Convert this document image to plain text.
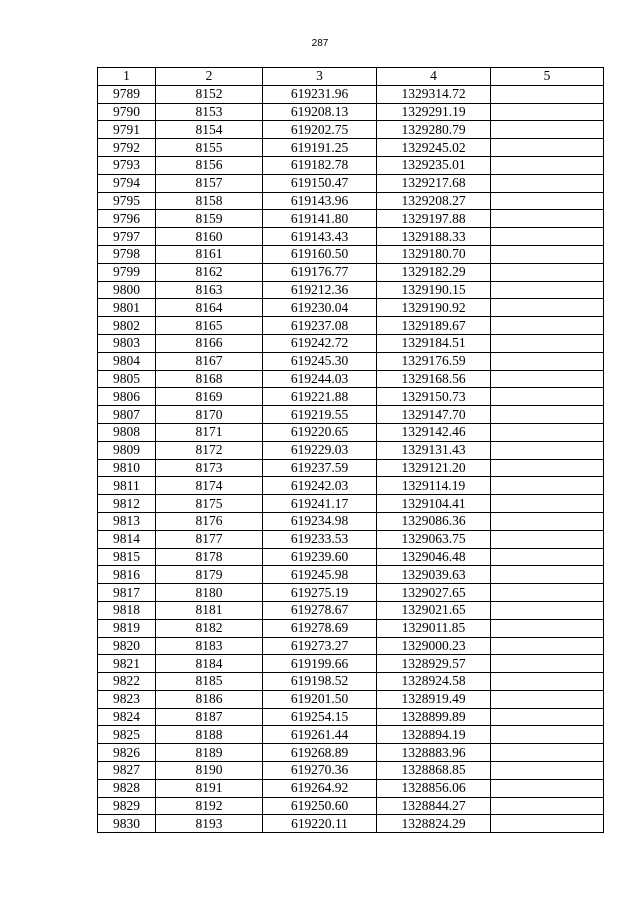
287
1	2	3	4	5
9789	8152	619231.96	1329314.72	
9790	8153	619208.13	1329291.19	
9791	8154	619202.75	1329280.79	
9792	8155	619191.25	1329245.02	
9793	8156	619182.78	1329235.01	
9794	8157	619150.47	1329217.68	
9795	8158	619143.96	1329208.27	
9796	8159	619141.80	1329197.88	
9797	8160	619143.43	1329188.33	
9798	8161	619160.50	1329180.70	
9799	8162	619176.77	1329182.29	
9800	8163	619212.36	1329190.15	
9801	8164	619230.04	1329190.92	
9802	8165	619237.08	1329189.67	
9803	8166	619242.72	1329184.51	
9804	8167	619245.30	1329176.59	
9805	8168	619244.03	1329168.56	
9806	8169	619221.88	1329150.73	
9807	8170	619219.55	1329147.70	
9808	8171	619220.65	1329142.46	
9809	8172	619229.03	1329131.43	
9810	8173	619237.59	1329121.20	
9811	8174	619242.03	1329114.19	
9812	8175	619241.17	1329104.41	
9813	8176	619234.98	1329086.36	
9814	8177	619233.53	1329063.75	
9815	8178	619239.60	1329046.48	
9816	8179	619245.98	1329039.63	
9817	8180	619275.19	1329027.65	
9818	8181	619278.67	1329021.65	
9819	8182	619278.69	1329011.85	
9820	8183	619273.27	1329000.23	
9821	8184	619199.66	1328929.57	
9822	8185	619198.52	1328924.58	
9823	8186	619201.50	1328919.49	
9824	8187	619254.15	1328899.89	
9825	8188	619261.44	1328894.19	
9826	8189	619268.89	1328883.96	
9827	8190	619270.36	1328868.85	
9828	8191	619264.92	1328856.06	
9829	8192	619250.60	1328844.27	
9830	8193	619220.11	1328824.29	
